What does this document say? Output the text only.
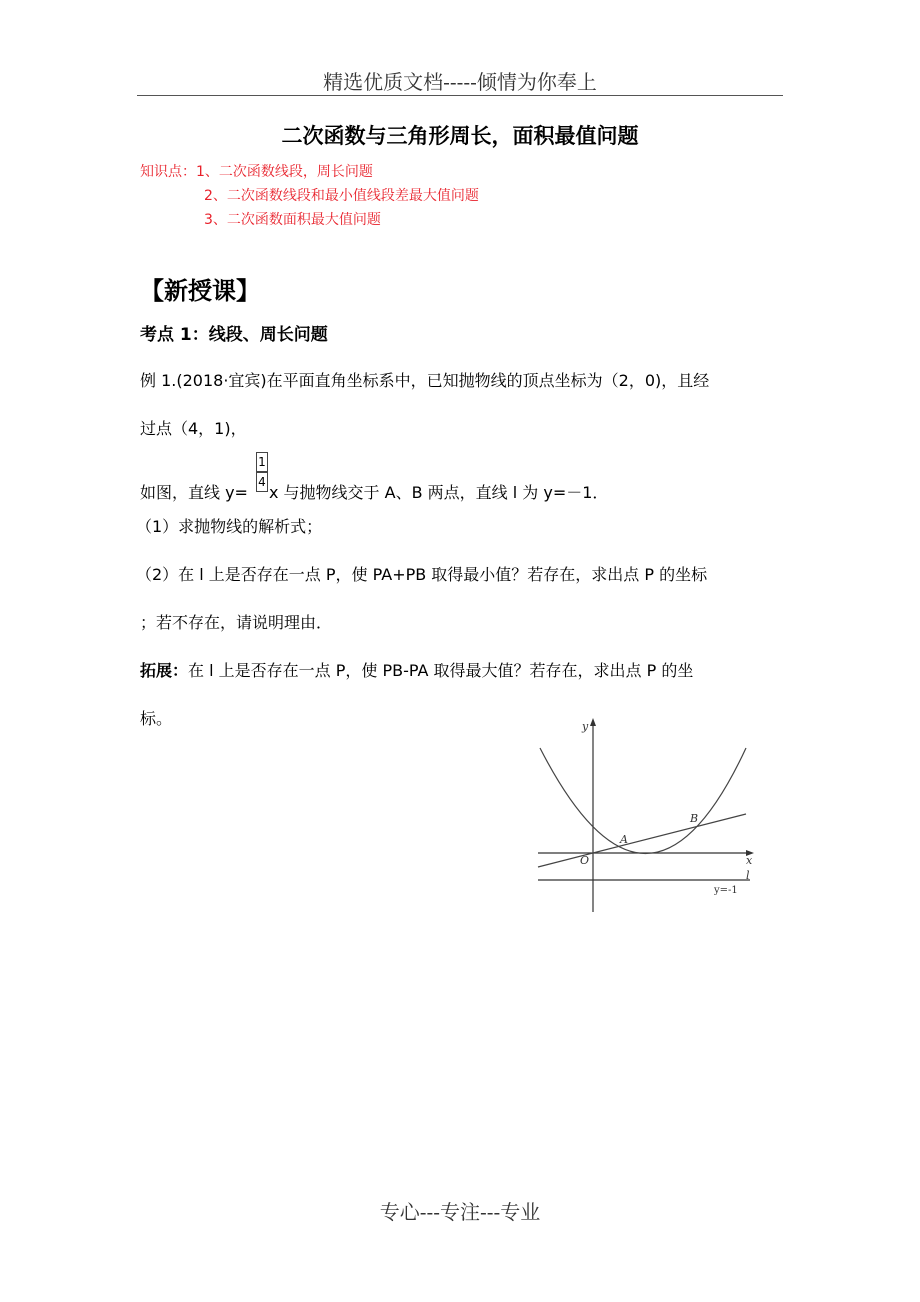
精选优质文档-----倾情为你奉上
二次函数与三角形周长，面积最值问题
知识点：1、二次函数线段，周长问题
2、二次函数线段和最小值线段差最大值问题
3、二次函数面积最大值问题
【新授课】
考点 1：线段、周长问题
例 1.(2018·宜宾)在平面直角坐标系中，已知抛物线的顶点坐标为（2，0)，且经
过点（4，1)，
如图，直线 $y= \frac{1}{4}$ x 与抛物线交于 A、B 两点，直线 l 为 y=－1．
（1）求抛物线的解析式；
（2）在 l 上是否存在一点 P，使 PA+PB 取得最小值？若存在，求出点 P 的坐标
；若不存在，请说明理由．
拓展：在 l 上是否存在一点 P，使 PB-PA 取得最大值？若存在，求出点 P 的坐
标。	y
x
O
A
B
l
y=-1
专心---专注---专业
